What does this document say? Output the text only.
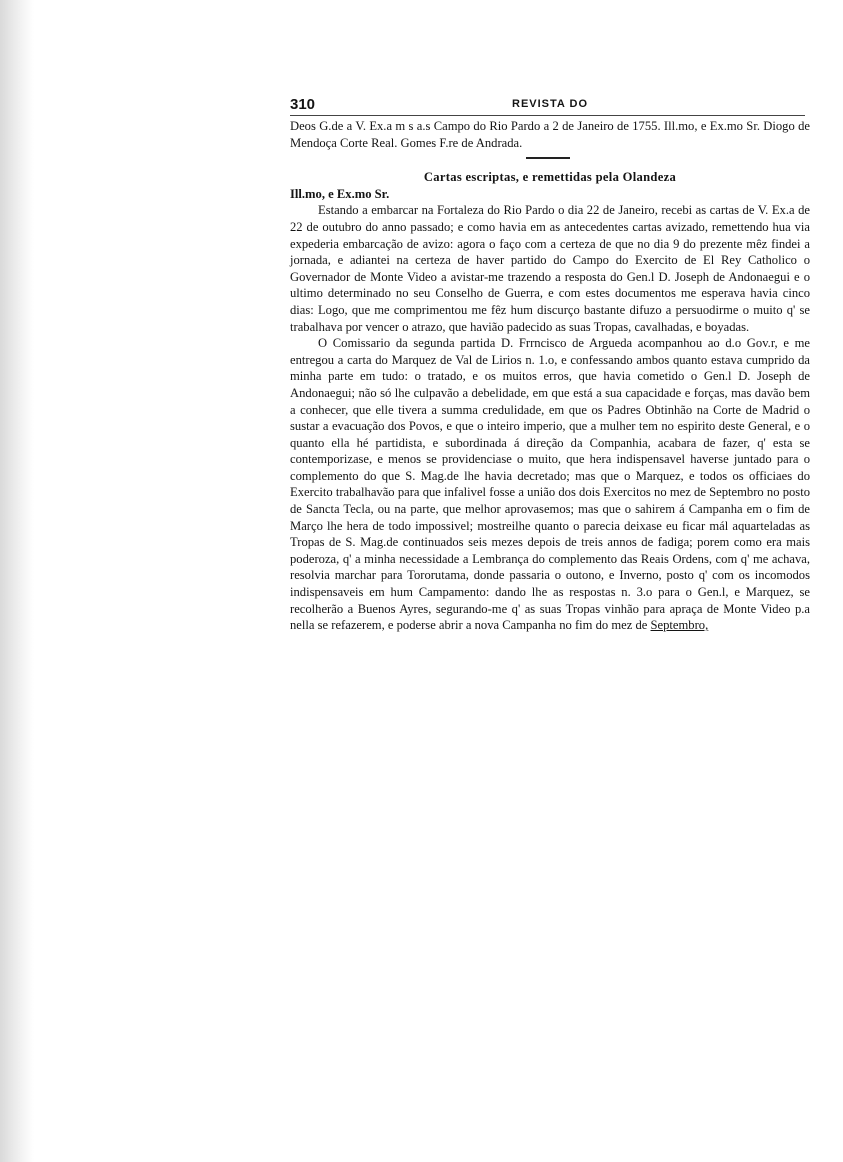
310	REVISTA DO

Deos G.de a V. Ex.a m s a.s Campo do Rio Pardo a 2 de Janeiro de 1755. Ill.mo, e Ex.mo Sr. Diogo de Mendoça Corte Real. Gomes F.re de Andrada.

Cartas escriptas, e remettidas pela Olandeza

Ill.mo, e Ex.mo Sr.

Estando a embarcar na Fortaleza do Rio Pardo o dia 22 de Janeiro, recebi as cartas de V. Ex.a de 22 de outubro do anno passado; e como havia em as antecedentes cartas avizado, remettendo hua via expederia embarcação de avizo: agora o faço com a certeza de que no dia 9 do prezente mêz findei a jornada, e adiantei na certeza de haver partido do Campo do Exercito de El Rey Catholico o Governador de Monte Video a avistar-me trazendo a resposta do Gen.l D. Joseph de Andonaegui e o ultimo determinado no seu Conselho de Guerra, e com estes documentos me esperava havia cinco dias: Logo, que me comprimentou me fêz hum discurço bastante difuzo a persuodirme o muito q' se trabalhava por vencer o atrazo, que havião padecido as suas Tropas, cavalhadas, e boyadas.

O Comissario da segunda partida D. Frrncisco de Argueda acompanhou ao d.o Gov.r, e me entregou a carta do Marquez de Val de Lirios n. 1.o, e confessando ambos quanto estava cumprido da minha parte em tudo: o tratado, e os muitos erros, que havia cometido o Gen.l D. Joseph de Andonaegui; não só lhe culpavão a debelidade, em que está a sua capacidade e forças, mas davão bem a conhecer, que elle tivera a summa credulidade, em que os Padres Obtinhão na Corte de Madrid o sustar a evacuação dos Povos, e que o inteiro imperio, que a mulher tem no espirito deste General, e o quanto ella hé partidista, e subordinada á direção da Companhia, acabara de fazer, q' esta se contemporizase, e menos se providenciase o muito, que hera indispensavel haverse juntado para o complemento do que S. Mag.de lhe havia decretado; mas que o Marquez, e todos os officiaes do Exercito trabalhavão para que infalivel fosse a união dos dois Exercitos no mez de Septembro no posto de Sancta Tecla, ou na parte, que melhor aprovasemos; mas que o sahirem á Campanha em o fim de Março lhe hera de todo impossivel; mostreilhe quanto o parecia deixase eu ficar mál aquarteladas as Tropas de S. Mag.de continuados seis mezes depois de treis annos de fadiga; porem como era mais poderoza, q' a minha necessidade a Lembrança do complemento das Reais Ordens, com q' me achava, resolvia marchar para Tororutama, donde passaria o outono, e Inverno, posto q' com os incomodos indispensaveis em hum Campamento: dando lhe as respostas n. 3.o para o Gen.l, e Marquez, se recolherão a Buenos Ayres, segurando-me q' as suas Tropas vinhão para apraça de Monte Video p.a nella se refazerem, e poderse abrir a nova Campanha no fim do mez de Septembro,
